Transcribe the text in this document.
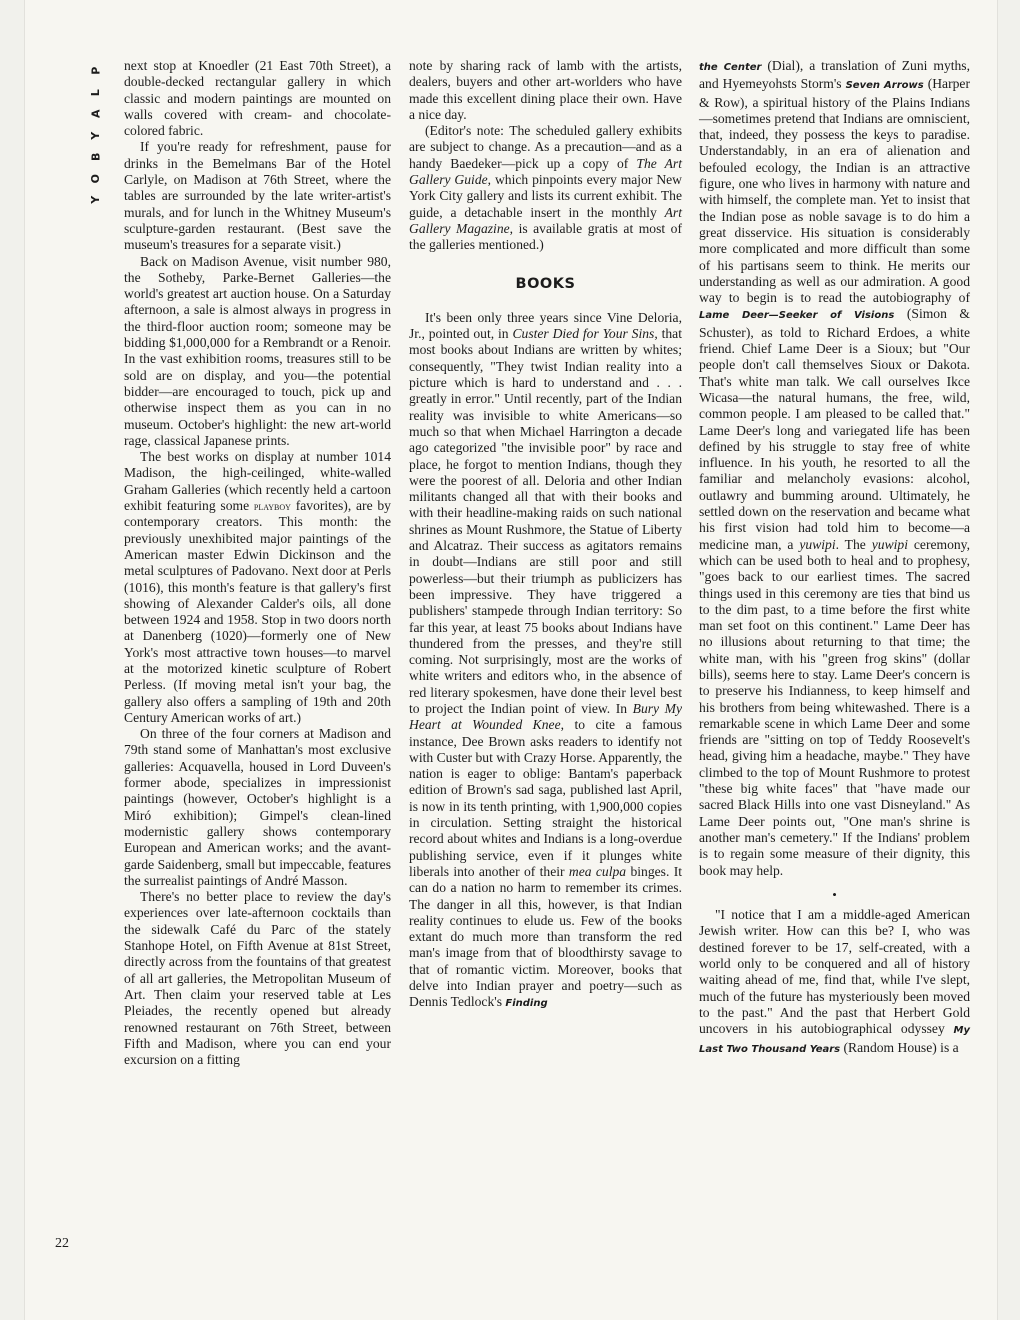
P
L
A
Y
B
O
Y
22

next stop at Knoedler (21 East 70th Street), a double-decked rectangular gallery in which classic and modern paintings are mounted on walls covered with cream- and chocolate-colored fabric.

If you're ready for refreshment, pause for drinks in the Bemelmans Bar of the Hotel Carlyle, on Madison at 76th Street, where the tables are surrounded by the late writer-artist's murals, and for lunch in the Whitney Museum's sculpture-garden restaurant. (Best save the museum's treasures for a separate visit.)

Back on Madison Avenue, visit number 980, the Sotheby, Parke-Bernet Galleries—the world's greatest art auction house. On a Saturday afternoon, a sale is almost always in progress in the third-floor auction room; someone may be bidding $1,000,000 for a Rembrandt or a Renoir. In the vast exhibition rooms, treasures still to be sold are on display, and you—the potential bidder—are encouraged to touch, pick up and otherwise inspect them as you can in no museum. October's highlight: the new art-world rage, classical Japanese prints.

The best works on display at number 1014 Madison, the high-ceilinged, white-walled Graham Galleries (which recently held a cartoon exhibit featuring some playboy favorites), are by contemporary creators. This month: the previously unexhibited major paintings of the American master Edwin Dickinson and the metal sculptures of Padovano. Next door at Perls (1016), this month's feature is that gallery's first showing of Alexander Calder's oils, all done between 1924 and 1958. Stop in two doors north at Danenberg (1020)—formerly one of New York's most attractive town houses—to marvel at the motorized kinetic sculpture of Robert Perless. (If moving metal isn't your bag, the gallery also offers a sampling of 19th and 20th Century American works of art.)

On three of the four corners at Madison and 79th stand some of Manhattan's most exclusive galleries: Acquavella, housed in Lord Duveen's former abode, specializes in impressionist paintings (however, October's highlight is a Miró exhibition); Gimpel's clean-lined modernistic gallery shows contemporary European and American works; and the avant-garde Saidenberg, small but impeccable, features the surrealist paintings of André Masson.

There's no better place to review the day's experiences over late-afternoon cocktails than the sidewalk Café du Parc of the stately Stanhope Hotel, on Fifth Avenue at 81st Street, directly across from the fountains of that greatest of all art galleries, the Metropolitan Museum of Art. Then claim your reserved table at Les Pleiades, the recently opened but already renowned restaurant on 76th Street, between Fifth and Madison, where you can end your excursion on a fitting

note by sharing rack of lamb with the artists, dealers, buyers and other art-worlders who have made this excellent dining place their own. Have a nice day.

(Editor's note: The scheduled gallery exhibits are subject to change. As a precaution—and as a handy Baedeker—pick up a copy of The Art Gallery Guide, which pinpoints every major New York City gallery and lists its current exhibit. The guide, a detachable insert in the monthly Art Gallery Magazine, is available gratis at most of the galleries mentioned.)

BOOKS

It's been only three years since Vine Deloria, Jr., pointed out, in Custer Died for Your Sins, that most books about Indians are written by whites; consequently, "They twist Indian reality into a picture which is hard to understand and . . . greatly in error." Until recently, part of the Indian reality was invisible to white Americans—so much so that when Michael Harrington a decade ago categorized "the invisible poor" by race and place, he forgot to mention Indians, though they were the poorest of all. Deloria and other Indian militants changed all that with their books and with their headline-making raids on such national shrines as Mount Rushmore, the Statue of Liberty and Alcatraz. Their success as agitators remains in doubt—Indians are still poor and still powerless—but their triumph as publicizers has been impressive. They have triggered a publishers' stampede through Indian territory: So far this year, at least 75 books about Indians have thundered from the presses, and they're still coming. Not surprisingly, most are the works of white writers and editors who, in the absence of red literary spokesmen, have done their level best to project the Indian point of view. In Bury My Heart at Wounded Knee, to cite a famous instance, Dee Brown asks readers to identify not with Custer but with Crazy Horse. Apparently, the nation is eager to oblige: Bantam's paperback edition of Brown's sad saga, published last April, is now in its tenth printing, with 1,900,000 copies in circulation. Setting straight the historical record about whites and Indians is a long-overdue publishing service, even if it plunges white liberals into another of their mea culpa binges. It can do a nation no harm to remember its crimes. The danger in all this, however, is that Indian reality continues to elude us. Few of the books extant do much more than transform the red man's image from that of bloodthirsty savage to that of romantic victim. Moreover, books that delve into Indian prayer and poetry—such as Dennis Tedlock's Finding

the Center (Dial), a translation of Zuni myths, and Hyemeyohsts Storm's Seven Arrows (Harper & Row), a spiritual history of the Plains Indians—sometimes pretend that Indians are omniscient, that, indeed, they possess the keys to paradise. Understandably, in an era of alienation and befouled ecology, the Indian is an attractive figure, one who lives in harmony with nature and with himself, the complete man. Yet to insist that the Indian pose as noble savage is to do him a great disservice. His situation is considerably more complicated and more difficult than some of his partisans seem to think. He merits our understanding as well as our admiration. A good way to begin is to read the autobiography of Lame Deer—Seeker of Visions (Simon & Schuster), as told to Richard Erdoes, a white friend. Chief Lame Deer is a Sioux; but "Our people don't call themselves Sioux or Dakota. That's white man talk. We call ourselves Ikce Wicasa—the natural humans, the free, wild, common people. I am pleased to be called that." Lame Deer's long and variegated life has been defined by his struggle to stay free of white influence. In his youth, he resorted to all the familiar and melancholy evasions: alcohol, outlawry and bumming around. Ultimately, he settled down on the reservation and became what his first vision had told him to become—a medicine man, a yuwipi. The yuwipi ceremony, which can be used both to heal and to prophesy, "goes back to our earliest times. The sacred things used in this ceremony are ties that bind us to the dim past, to a time before the first white man set foot on this continent." Lame Deer has no illusions about returning to that time; the white man, with his "green frog skins" (dollar bills), seems here to stay. Lame Deer's concern is to preserve his Indianness, to keep himself and his brothers from being whitewashed. There is a remarkable scene in which Lame Deer and some friends are "sitting on top of Teddy Roosevelt's head, giving him a headache, maybe." They have climbed to the top of Mount Rushmore to protest "these big white faces" that "have made our sacred Black Hills into one vast Disneyland." As Lame Deer points out, "One man's shrine is another man's cemetery." If the Indians' problem is to regain some measure of their dignity, this book may help.

•

"I notice that I am a middle-aged American Jewish writer. How can this be? I, who was destined forever to be 17, self-created, with a world only to be conquered and all of history waiting ahead of me, find that, while I've slept, much of the future has mysteriously been moved to the past." And the past that Herbert Gold uncovers in his autobiographical odyssey My Last Two Thousand Years (Random House) is a
